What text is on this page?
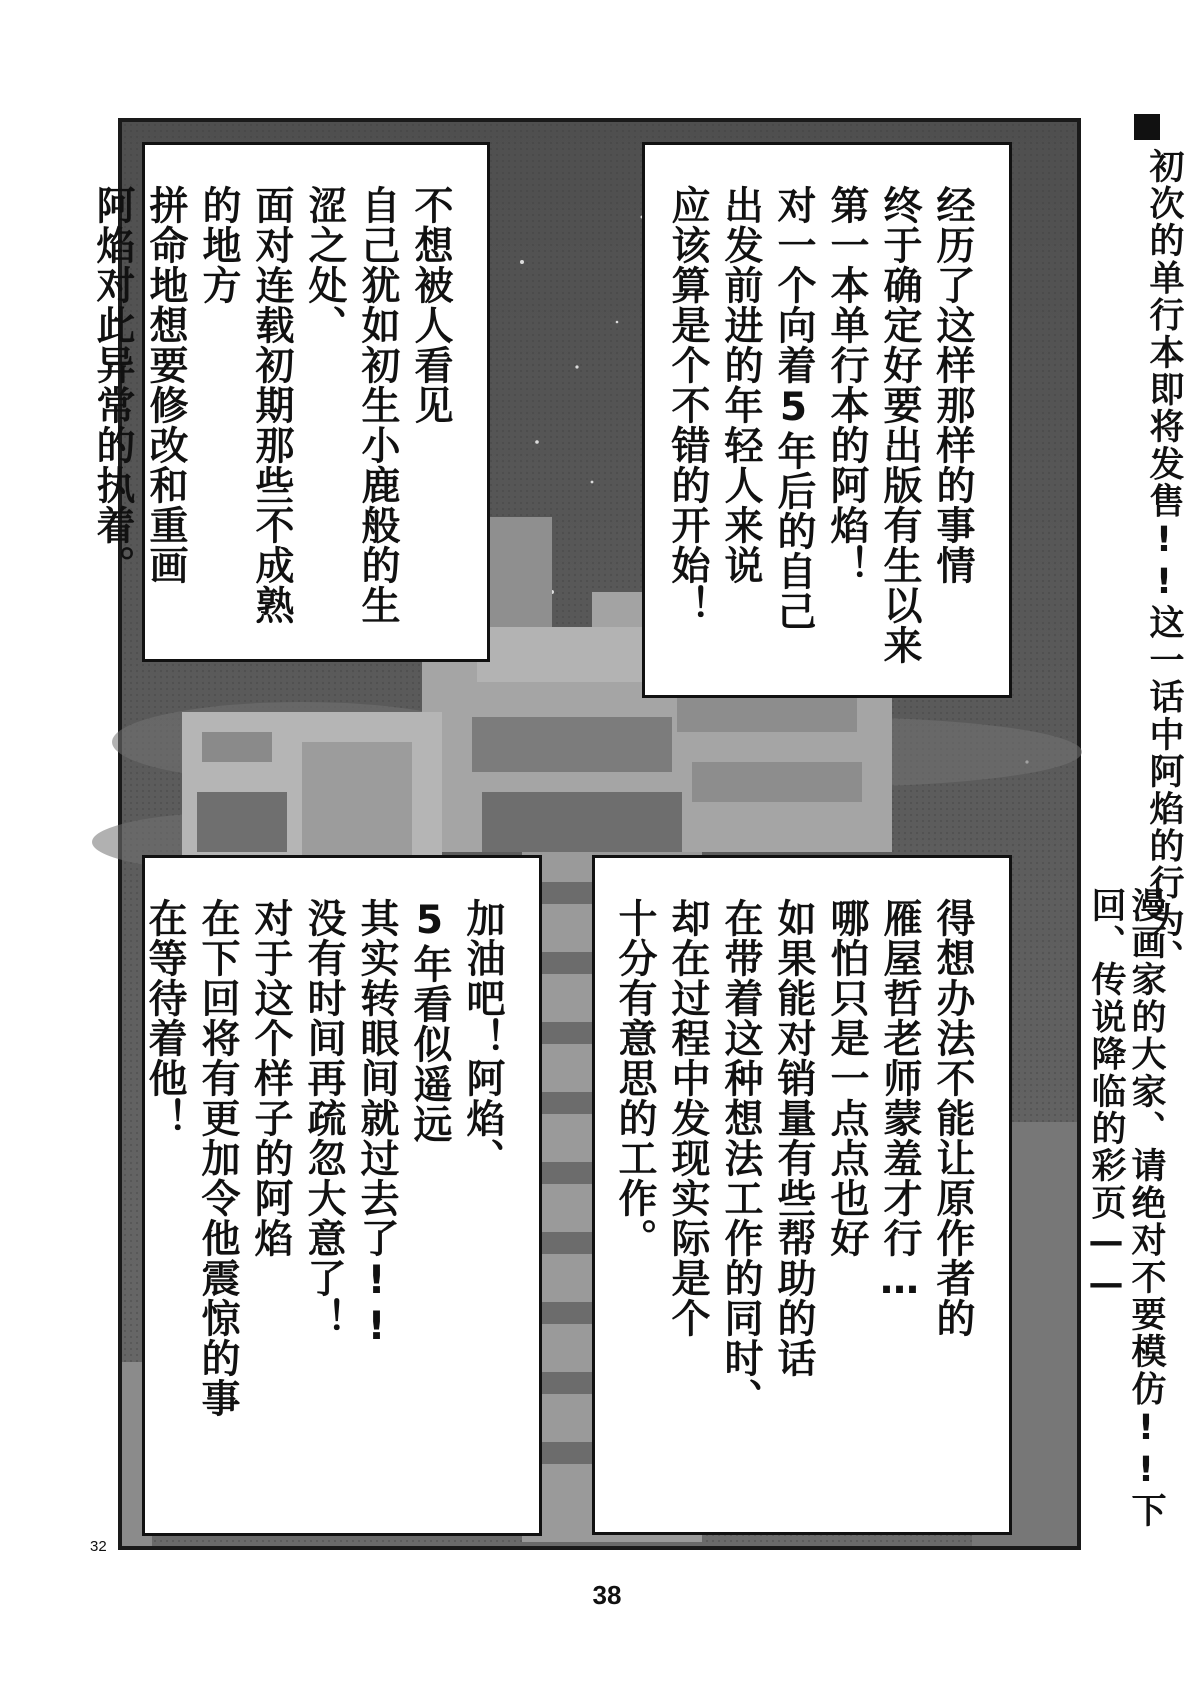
经历了这样那样的事情
终于确定好要出版有生以来
第一本单行本的阿焰！
对一个向着5年后的自己
出发前进的年轻人来说
应该算是个不错的开始！
不想被人看见
自己犹如初生小鹿般的生涩之处、
面对连载初期那些不成熟的地方
拼命地想要修改和重画
阿焰对此异常的执着。
得想办法不能让原作者的
雁屋哲老师蒙羞才行…
哪怕只是一点点也好
如果能对销量有些帮助的话
在带着这种想法工作的同时、
却在过程中发现实际是个
十分有意思的工作。
加油吧！阿焰、
5年看似遥远
其实转眼间就过去了!!
没有时间再疏忽大意了！
对于这个样子的阿焰
在下回将有更加令他震惊的事
在等待着他！
初次的单行本即将发售!!这一话中阿焰的行为、
漫画家的大家、请绝对不要模仿!!下回、传说降临的彩页——
32
38
